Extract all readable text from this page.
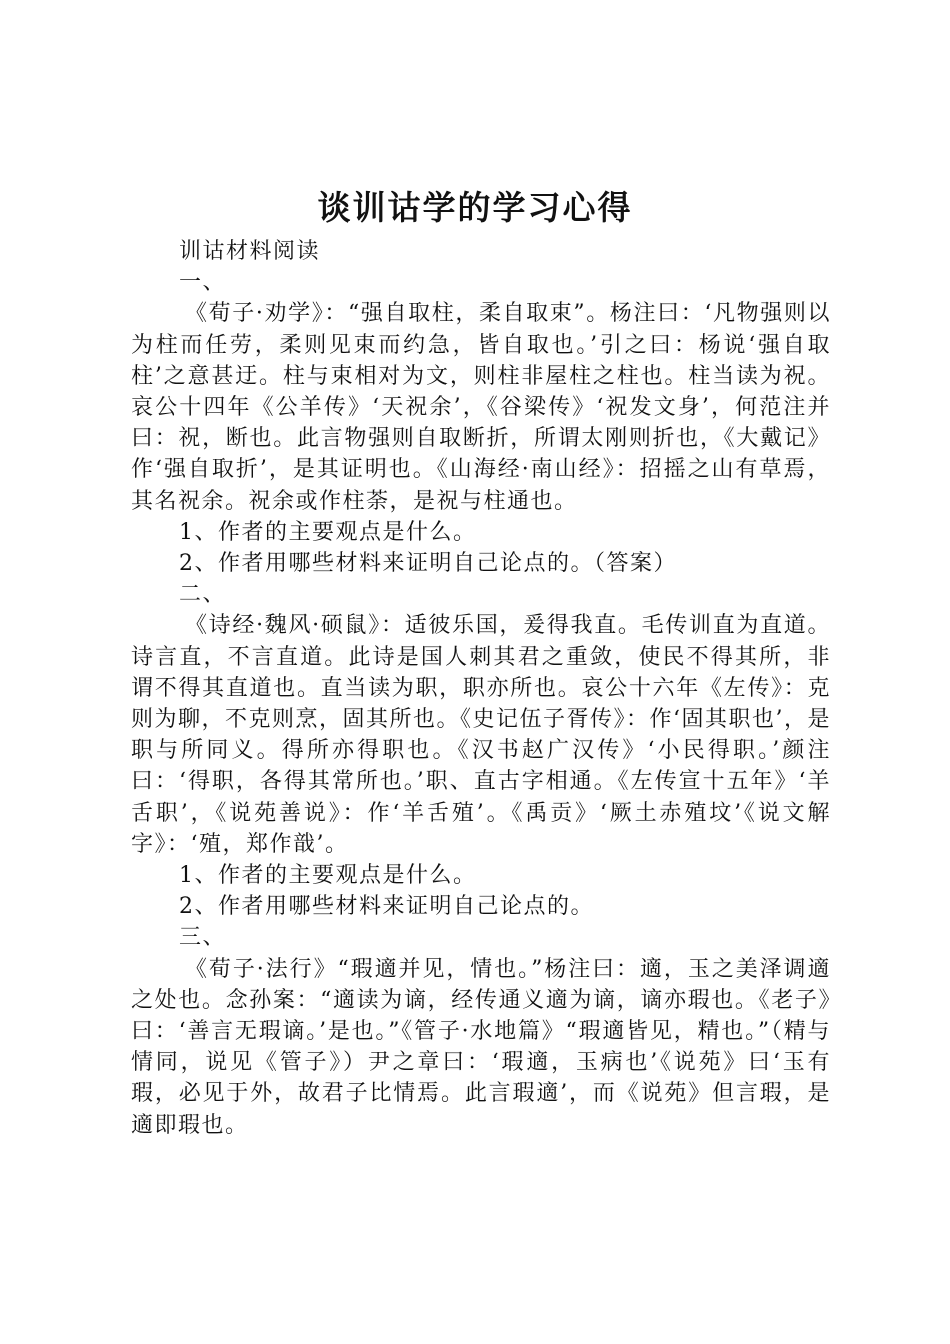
谈训诂学的学习心得

训诂材料阅读

一、

《荀子·劝学》：“强自取柱，柔自取束”。杨注曰：‘凡物强则以为柱而任劳，柔则见束而约急，皆自取也。’引之曰：杨说‘强自取柱’之意甚迂。柱与束相对为文，则柱非屋柱之柱也。柱当读为祝。哀公十四年《公羊传》‘天祝余’，《谷梁传》‘祝发文身’，何范注并曰：祝，断也。此言物强则自取断折，所谓太刚则折也，《大戴记》作‘强自取折’，是其证明也。《山海经·南山经》：招摇之山有草焉，其名祝余。祝余或作柱荼，是祝与柱通也。

1、作者的主要观点是什么。

2、作者用哪些材料来证明自己论点的。（答案）

二、

《诗经·魏风·硕鼠》：适彼乐国，爰得我直。毛传训直为直道。诗言直，不言直道。此诗是国人刺其君之重敛，使民不得其所，非谓不得其直道也。直当读为职，职亦所也。哀公十六年《左传》：克则为聊，不克则烹，固其所也。《史记伍子胥传》：作‘固其职也’，是职与所同义。得所亦得职也。《汉书赵广汉传》‘小民得职。’颜注曰：‘得职，各得其常所也。’职、直古字相通。《左传宣十五年》‘羊舌职’，《说苑善说》：作‘羊舌殖’。《禹贡》‘厥土赤殖坟’《说文解字》：‘殖，郑作戠’。

1、作者的主要观点是什么。

2、作者用哪些材料来证明自己论点的。

三、

《荀子·法行》“瑕適并见，情也。”杨注曰：適，玉之美泽调適之处也。念孙案：“適读为谪，经传通义適为谪，谪亦瑕也。《老子》曰：‘善言无瑕谪。’是也。”《管子·水地篇》“瑕適皆见，精也。”（精与情同，说见《管子》）尹之章曰：‘瑕適，玉病也’《说苑》曰‘玉有瑕，必见于外，故君子比情焉。此言瑕適’，而《说苑》但言瑕，是適即瑕也。
